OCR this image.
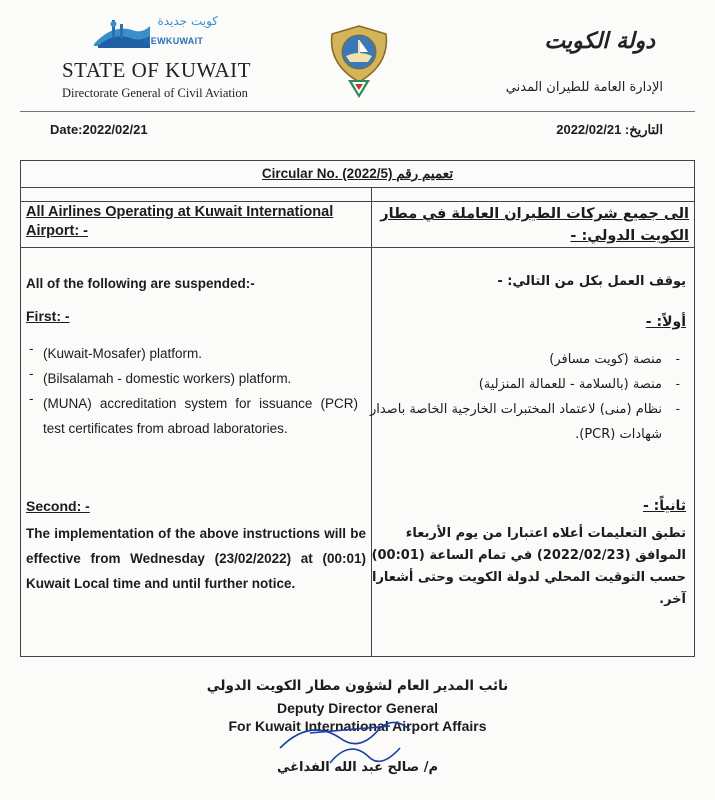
كويت جديدة
NEWKUWAIT
STATE OF KUWAIT
Directorate General of Civil Aviation
دولة الكويت
الإدارة العامة للطيران المدني
Date:2022/02/21	التاريخ: 2022/02/21
Circular No. (2022/5) تعميم رقم
All Airlines Operating at Kuwait International Airport: -
الى جميع شركات الطيران العاملة في مطار الكويت الدولي: -
All of the following are suspended:-
First: -
- (Kuwait-Mosafer) platform.
- (Bilsalamah - domestic workers) platform.
- (MUNA) accreditation system for issuance (PCR) test certificates from abroad laboratories.
Second: -
The implementation of the above instructions will be effective from Wednesday (23/02/2022) at (00:01) Kuwait Local time and until further notice.
يوقف العمل بكل من التالي: -
أولاً: -
-
منصة (كويت مسافر)
-
منصة (بالسلامة - للعمالة المنزلية)
-
نظام (منى) لاعتماد المختبرات الخارجية الخاصة باصدار شهادات (PCR).
ثانياً: -
تطبق التعليمات أعلاه اعتبارا من يوم الأربعاء الموافق (2022/02/23) في تمام الساعة (00:01) حسب التوقيت المحلي لدولة الكويت وحتى أشعارا آخر.
نائب المدير العام لشؤون مطار الكويت الدولي
Deputy Director General
For Kuwait International Airport Affairs
م/ صالح عبد الله الفداغي
